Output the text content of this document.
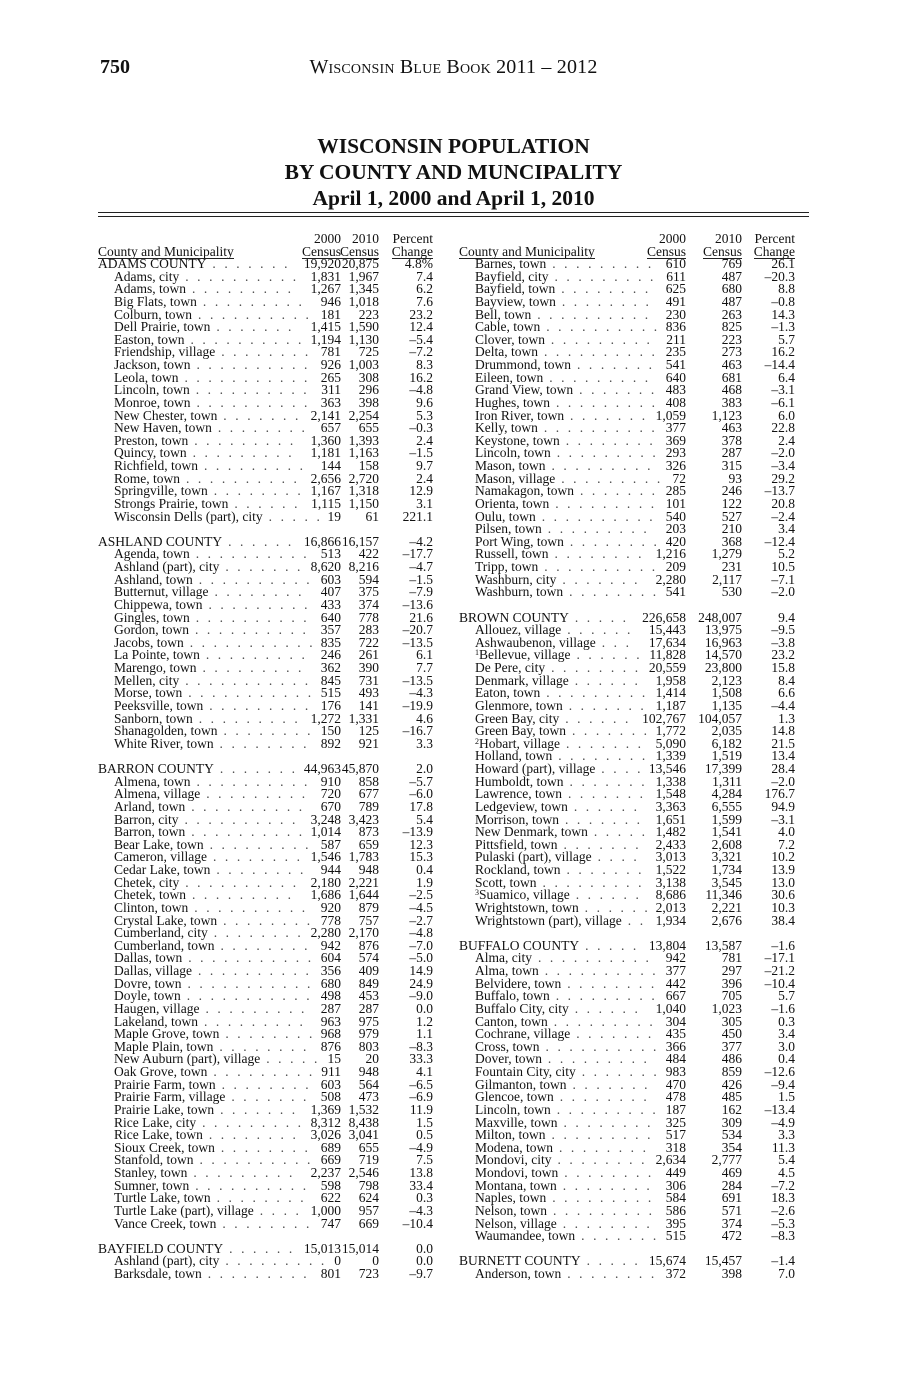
750	Wisconsin Blue Book 2011 – 2012
WISCONSIN POPULATION
BY COUNTY AND MUNCIPALITY
April 1, 2000 and April 1, 2010
County and Municipality
2000
Census
2010
Census
Percent
Change
ADAMS COUNTY . . . . . . . 19,920 20,875 4.8%
Adams, city . . . . . . . . . . 1,831 1,967	7.4
Adams, town . . . . . . . . . 1,267 1,345	6.2
Big Flats, town . . . . . . . . . 946 1,018	7.6
Colburn, town . . . . . . . . . . 181 223 23.2
Dell Prairie, town . . . . . . . 1,415 1,590 12.4
Easton, town . . . . . . . . . . 1,194 1,130 –5.4
Friendship, village . . . . . . . . 781 725 –7.2
Jackson, town . . . . . . . . . . 926 1,003	8.3
Leola, town . . . . . . . . . . . 265 308 16.2
Lincoln, town . . . . . . . . . . 311 296 –4.8
Monroe, town . . . . . . . . . . 363 398	9.6
New Chester, town . . . . . . . 2,141 2,254	5.3
New Haven, town . . . . . . . . 657 655 –0.3
Preston, town . . . . . . . . . 1,360 1,393	2.4
Quincy, town . . . . . . . . . 1,181 1,163 –1.5
Richfield, town . . . . . . . . . 144 158	9.7
Rome, town . . . . . . . . . . 2,656 2,720	2.4
Springville, town . . . . . . . . 1,167 1,318 12.9
Strongs Prairie, town . . . . . . 1,115 1,150	3.1
Wisconsin Dells (part), city . . . . . 19 61 221.1
ASHLAND COUNTY . . . . . . 16,866 16,157 –4.2
Agenda, town . . . . . . . . . . 513 422 –17.7
Ashland (part), city . . . . . . . 8,620 8,216 –4.7
Ashland, town . . . . . . . . . . 603 594 –1.5
Butternut, village . . . . . . . . 407 375 –7.9
Chippewa, town . . . . . . . . . 433 374 –13.6
Gingles, town . . . . . . . . . . 640 778 21.6
Gordon, town . . . . . . . . . . 357 283 –20.7
Jacobs, town . . . . . . . . . . . 835 722 –13.5
La Pointe, town . . . . . . . . . 246 261	6.1
Marengo, town . . . . . . . . . 362 390	7.7
Mellen, city . . . . . . . . . . . 845 731 –13.5
Morse, town . . . . . . . . . . . 515 493 –4.3
Peeksville, town . . . . . . . . . 176 141 –19.9
Sanborn, town . . . . . . . . . 1,272 1,331	4.6
Shanagolden, town . . . . . . . . 150 125 –16.7
White River, town . . . . . . . . 892 921	3.3
BARRON COUNTY . . . . . . . 44,963 45,870	2.0
Almena, town . . . . . . . . . . 910 858 –5.7
Almena, village . . . . . . . . . 720 677 –6.0
Arland, town . . . . . . . . . . 670 789 17.8
Barron, city . . . . . . . . . . 3,248 3,423	5.4
Barron, town . . . . . . . . . . 1,014 873 –13.9
Bear Lake, town . . . . . . . . . 587 659 12.3
Cameron, village . . . . . . . . 1,546 1,783 15.3
Cedar Lake, town . . . . . . . . 944 948	0.4
Chetek, city . . . . . . . . . . 2,180 2,221	1.9
Chetek, town . . . . . . . . . 1,686 1,644 –2.5
Clinton, town . . . . . . . . . . 920 879 –4.5
Crystal Lake, town . . . . . . . . 778 757 –2.7
Cumberland, city . . . . . . . . 2,280 2,170 –4.8
Cumberland, town . . . . . . . . 942 876 –7.0
Dallas, town . . . . . . . . . . . 604 574 –5.0
Dallas, village . . . . . . . . . . 356 409 14.9
Dovre, town . . . . . . . . . . . 680 849 24.9
Doyle, town . . . . . . . . . . . 498 453 –9.0
Haugen, village . . . . . . . . . 287 287	0.0
Lakeland, town . . . . . . . . . 963 975	1.2
Maple Grove, town . . . . . . . . 968 979	1.1
Maple Plain, town . . . . . . . . 876 803 –8.3
New Auburn (part), village . . . . . 15 20 33.3
Oak Grove, town . . . . . . . . . 911 948	4.1
Prairie Farm, town . . . . . . . . 603 564 –6.5
Prairie Farm, village . . . . . . . 508 473 –6.9
Prairie Lake, town . . . . . . . 1,369 1,532 11.9
Rice Lake, city . . . . . . . . . 8,312 8,438	1.5
Rice Lake, town . . . . . . . . 3,026 3,041	0.5
Sioux Creek, town . . . . . . . . 689 655 –4.9
Stanfold, town . . . . . . . . . . 669 719	7.5
Stanley, town . . . . . . . . . 2,237 2,546 13.8
Sumner, town . . . . . . . . . . 598 798 33.4
Turtle Lake, town . . . . . . . . 622 624	0.3
Turtle Lake (part), village . . . . 1,000 957 –4.3
Vance Creek, town . . . . . . . . 747 669 –10.4
BAYFIELD COUNTY . . . . . . 15,013 15,014	0.0
Ashland (part), city . . . . . . . . . 0 0	0.0
Barksdale, town . . . . . . . . . 801 723 –9.7
County and Municipality
2000
Census
2010
Census
Percent
Change
Barnes, town . . . . . . . . . 610	769 26.1
Bayfield, city . . . . . . . . . 611	487 –20.3
Bayfield, town . . . . . . . . 625	680	8.8
Bayview, town . . . . . . . . 491	487 –0.8
Bell, town . . . . . . . . . . 230	263 14.3
Cable, town . . . . . . . . . . 836	825 –1.3
Clover, town . . . . . . . . . 211	223	5.7
Delta, town . . . . . . . . . . 235	273 16.2
Drummond, town . . . . . . . 541	463 –14.4
Eileen, town . . . . . . . . . 640	681	6.4
Grand View, town . . . . . . . 483	468 –3.1
Hughes, town . . . . . . . . . 408	383 –6.1
Iron River, town . . . . . . . 1,059 1,123	6.0
Kelly, town . . . . . . . . . . 377	463 22.8
Keystone, town . . . . . . . . 369	378	2.4
Lincoln, town . . . . . . . . . 293	287 –2.0
Mason, town . . . . . . . . . 326	315 –3.4
Mason, village . . . . . . . . . 72	93 29.2
Namakagon, town . . . . . . . 285	246 –13.7
Orienta, town . . . . . . . . . 101	122 20.8
Oulu, town . . . . . . . . . . 540	527 –2.4
Pilsen, town . . . . . . . . . 203	210	3.4
Port Wing, town . . . . . . . . 420	368 –12.4
Russell, town . . . . . . . . 1,216 1,279	5.2
Tripp, town . . . . . . . . . . 209	231 10.5
Washburn, city . . . . . . . 2,280 2,117 –7.1
Washburn, town . . . . . . . . 541	530 –2.0
BROWN COUNTY . . . . . 226,658 248,007	9.4
Allouez, village . . . . . . 15,443 13,975 –9.5
Ashwaubenon, village . . . 17,634 16,963 –3.8
$^1$Bellevue, village . . . . . . 11,828 14,570 23.2
De Pere, city . . . . . . . . 20,559 23,800 15.8
Denmark, village . . . . . . 1,958 2,123	8.4
Eaton, town . . . . . . . . . 1,414 1,508	6.6
Glenmore, town . . . . . . . 1,187 1,135 –4.4
Green Bay, city . . . . . . 102,767 104,057	1.3
Green Bay, town . . . . . . . 1,772 2,035 14.8
$^2$Hobart, village . . . . . . . 5,090 6,182 21.5
Holland, town . . . . . . . . 1,339 1,519 13.4
Howard (part), village . . . . 13,546 17,399 28.4
Humboldt, town . . . . . . . 1,338 1,311 –2.0
Lawrence, town . . . . . . . 1,548 4,284 176.7
Ledgeview, town . . . . . . 3,363 6,555 94.9
Morrison, town . . . . . . . 1,651 1,599 –3.1
New Denmark, town . . . . . 1,482 1,541	4.0
Pittsfield, town . . . . . . . 2,433 2,608	7.2
Pulaski (part), village . . . . 3,013 3,321 10.2
Rockland, town . . . . . . . 1,522 1,734 13.9
Scott, town . . . . . . . . . 3,138 3,545 13.0
$^3$Suamico, village . . . . . . 8,686 11,346 30.6
Wrightstown, town . . . . . . 2,013 2,221 10.3
Wrightstown (part), village . . 1,934 2,676 38.4
BUFFALO COUNTY . . . . . 13,804 13,587 –1.6
Alma, city . . . . . . . . . . 942	781 –17.1
Alma, town . . . . . . . . . . 377	297 –21.2
Belvidere, town . . . . . . . . 442	396 –10.4
Buffalo, town . . . . . . . . . 667	705	5.7
Buffalo City, city . . . . . . 1,040 1,023 –1.6
Canton, town . . . . . . . . . 304	305	0.3
Cochrane, village . . . . . . . 435	450	3.4
Cross, town . . . . . . . . . . 366	377	3.0
Dover, town . . . . . . . . . 484	486	0.4
Fountain City, city . . . . . . . 983	859 –12.6
Gilmanton, town . . . . . . . 470	426 –9.4
Glencoe, town . . . . . . . . 478	485	1.5
Lincoln, town . . . . . . . . . 187	162 –13.4
Maxville, town . . . . . . . . 325	309 –4.9
Milton, town . . . . . . . . . 517	534	3.3
Modena, town . . . . . . . . 318	354 11.3
Mondovi, city . . . . . . . . 2,634 2,777	5.4
Mondovi, town . . . . . . . . 449	469	4.5
Montana, town . . . . . . . . 306	284 –7.2
Naples, town . . . . . . . . . 584	691 18.3
Nelson, town . . . . . . . . . 586	571 –2.6
Nelson, village . . . . . . . . 395	374 –5.3
Waumandee, town . . . . . . . 515	472 –8.3
BURNETT COUNTY . . . . . 15,674 15,457 –1.4
Anderson, town . . . . . . . . 372	398	7.0
